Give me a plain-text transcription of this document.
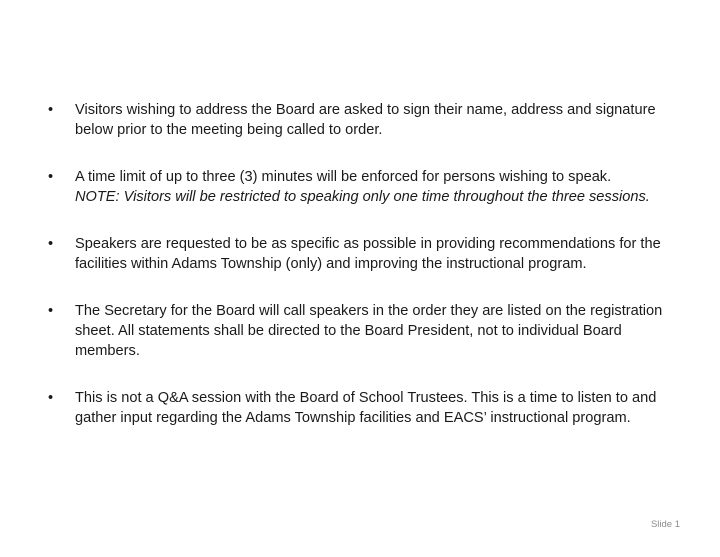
•	Visitors wishing to address the Board are asked to sign their name, address and signature below prior to the meeting being called to order.
•	A time limit of up to three (3) minutes will be enforced for persons wishing to speak.
NOTE: Visitors will be restricted to speaking only one time throughout the three sessions.
•	Speakers are requested to be as specific as possible in providing recommendations for the facilities within Adams Township (only) and improving the instructional program.
•	The Secretary for the Board will call speakers in the order they are listed on the registration sheet. All statements shall be directed to the Board President, not to individual Board members.
•	This is not a Q&A session with the Board of School Trustees. This is a time to listen to and gather input regarding the Adams Township facilities and EACS’ instructional program.
Slide 1
